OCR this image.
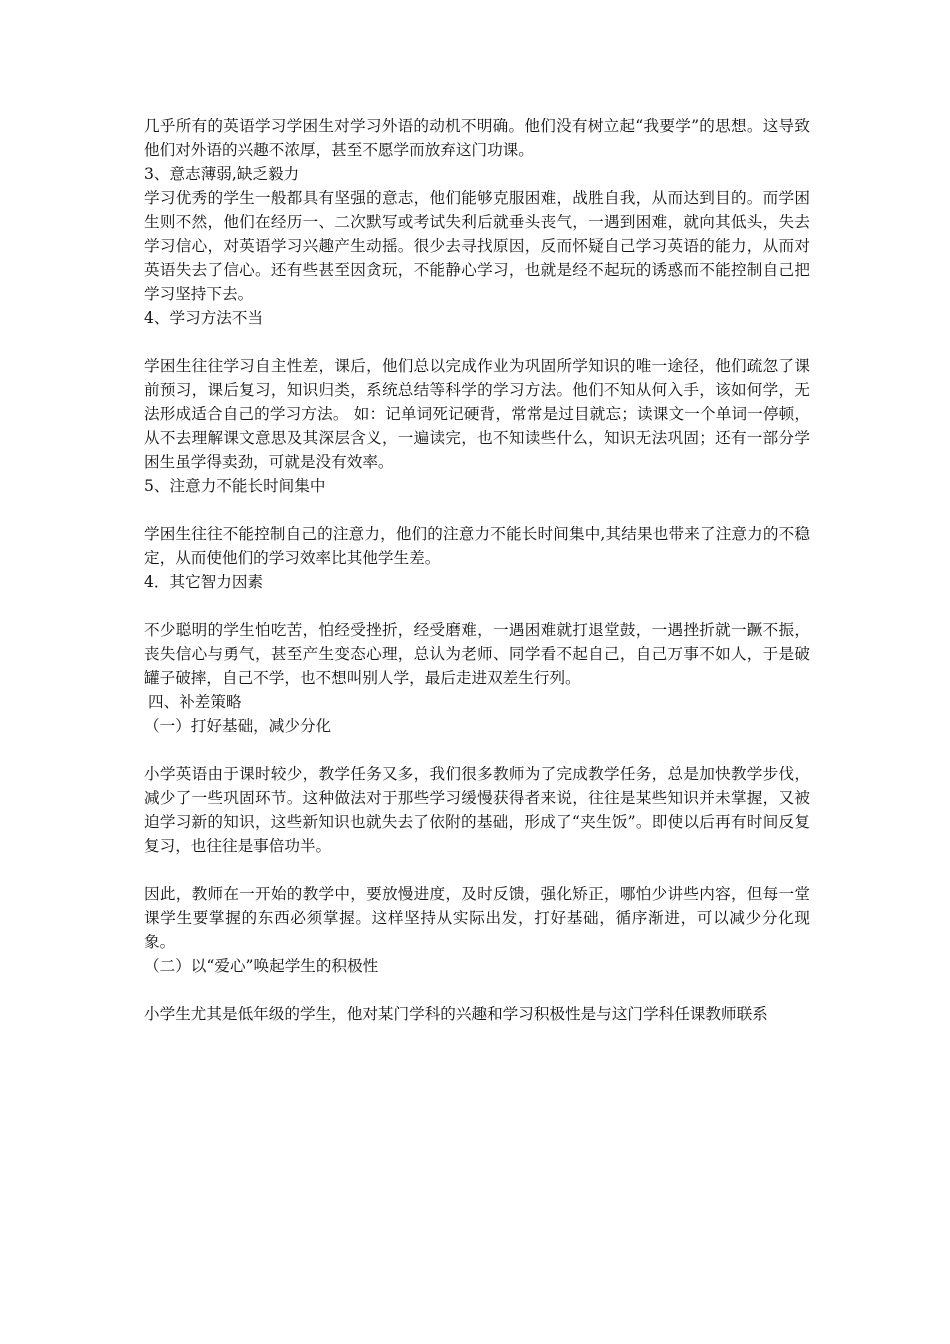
几乎所有的英语学习学困生对学习外语的动机不明确。他们没有树立起“我要学”的思想。这导致他们对外语的兴趣不浓厚，甚至不愿学而放弃这门功课。

3、意志薄弱,缺乏毅力

学习优秀的学生一般都具有坚强的意志，他们能够克服困难，战胜自我，从而达到目的。而学困生则不然，他们在经历一、二次默写或考试失利后就垂头丧气，一遇到困难，就向其低头，失去学习信心，对英语学习兴趣产生动摇。很少去寻找原因，反而怀疑自己学习英语的能力，从而对英语失去了信心。还有些甚至因贪玩，不能静心学习，也就是经不起玩的诱惑而不能控制自己把学习坚持下去。

4、学习方法不当

学困生往往学习自主性差，课后，他们总以完成作业为巩固所学知识的唯一途径，他们疏忽了课前预习，课后复习，知识归类，系统总结等科学的学习方法。他们不知从何入手，该如何学，无法形成适合自己的学习方法。 如：记单词死记硬背，常常是过目就忘；读课文一个单词一停顿，从不去理解课文意思及其深层含义，一遍读完，也不知读些什么，知识无法巩固；还有一部分学困生虽学得卖劲，可就是没有效率。

5、注意力不能长时间集中

学困生往往不能控制自己的注意力，他们的注意力不能长时间集中,其结果也带来了注意力的不稳定，从而使他们的学习效率比其他学生差。

4．其它智力因素

不少聪明的学生怕吃苦，怕经受挫折，经受磨难，一遇困难就打退堂鼓，一遇挫折就一蹶不振，丧失信心与勇气，甚至产生变态心理，总认为老师、同学看不起自己，自己万事不如人，于是破罐子破摔，自己不学，也不想叫别人学，最后走进双差生行列。

四、补差策略

（一）打好基础，减少分化

小学英语由于课时较少，教学任务又多，我们很多教师为了完成教学任务，总是加快教学步伐，减少了一些巩固环节。这种做法对于那些学习缓慢获得者来说，往往是某些知识并未掌握，又被迫学习新的知识，这些新知识也就失去了依附的基础，形成了“夹生饭”。即使以后再有时间反复复习，也往往是事倍功半。

因此，教师在一开始的教学中，要放慢进度，及时反馈，强化矫正，哪怕少讲些内容，但每一堂课学生要掌握的东西必须掌握。这样坚持从实际出发，打好基础，循序渐进，可以减少分化现象。

（二）以“爱心”唤起学生的积极性

小学生尤其是低年级的学生，他对某门学科的兴趣和学习积极性是与这门学科任课教师联系
